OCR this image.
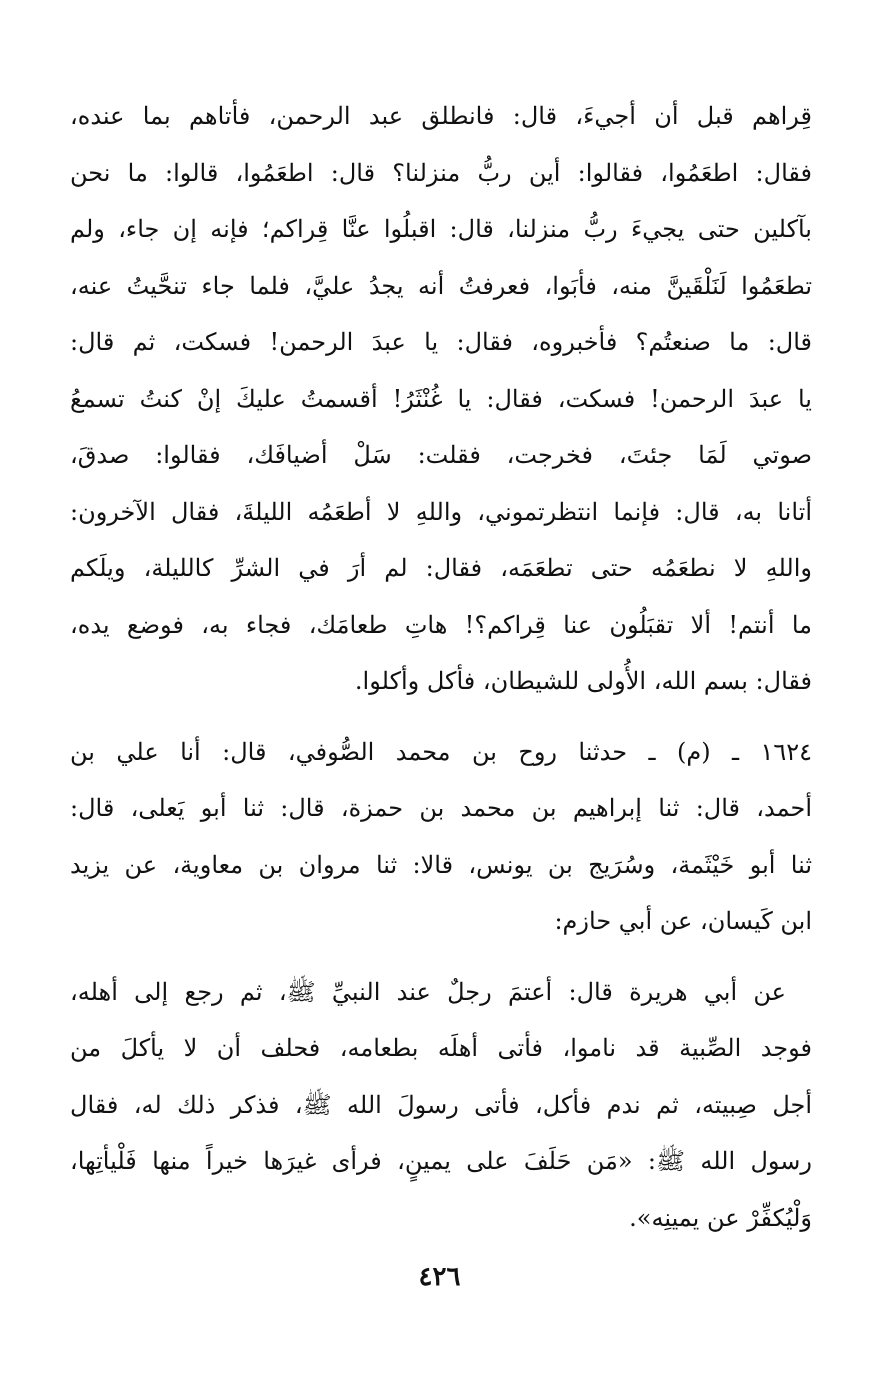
قِراهم قبل أن أجيءَ، قال: فانطلق عبد الرحمن، فأتاهم بما عنده،
فقال: اطعَمُوا، فقالوا: أين ربُّ منزلنا؟ قال: اطعَمُوا، قالوا: ما نحن
بآكلين حتى يجيءَ ربُّ منزلنا، قال: اقبلُوا عنَّا قِراكم؛ فإنه إن جاء، ولم
تطعَمُوا لَنَلْقَينَّ منه، فأبَوا، فعرفتُ أنه يجدُ عليَّ، فلما جاء تنحَّيتُ عنه،
قال: ما صنعتُم؟ فأخبروه، فقال: يا عبدَ الرحمن! فسكت، ثم قال:
يا عبدَ الرحمن! فسكت، فقال: يا غُنْثَرُ! أقسمتُ عليكَ إنْ كنتُ تسمعُ
صوتي لَمَا جئتَ، فخرجت، فقلت: سَلْ أضيافَك، فقالوا: صدقَ،
أتانا به، قال: فإنما انتظرتموني، واللهِ لا أطعَمُه الليلةَ، فقال الآخرون:
واللهِ لا نطعَمُه حتى تطعَمَه، فقال: لم أرَ في الشرِّ كالليلة، ويلَكم
ما أنتم! ألا تقبَلُون عنا قِراكم؟! هاتِ طعامَك، فجاء به، فوضع يده،
فقال: بسم الله، الأُولى للشيطان، فأكل وأكلوا.
١٦٢٤ ـ (م) ـ حدثنا روح بن محمد الصُّوفي، قال: أنا علي بن
أحمد، قال: ثنا إبراهيم بن محمد بن حمزة، قال: ثنا أبو يَعلى، قال:
ثنا أبو خَيْثَمة، وسُرَيج بن يونس، قالا: ثنا مروان بن معاوية، عن يزيد
ابن كَيسان، عن أبي حازم:
عن أبي هريرة قال: أعتمَ رجلٌ عند النبيِّ ﷺ، ثم رجع إلى أهله،
فوجد الصِّبية قد ناموا، فأتى أهلَه بطعامه، فحلف أن لا يأكلَ من
أجل صِبيته، ثم ندم فأكل، فأتى رسولَ الله ﷺ، فذكر ذلك له، فقال
رسول الله ﷺ: «مَن حَلَفَ على يمينٍ، فرأى غيرَها خيراً منها فَلْيأتِها،
وَلْيُكفِّرْ عن يمينِه».
٤٢٦
